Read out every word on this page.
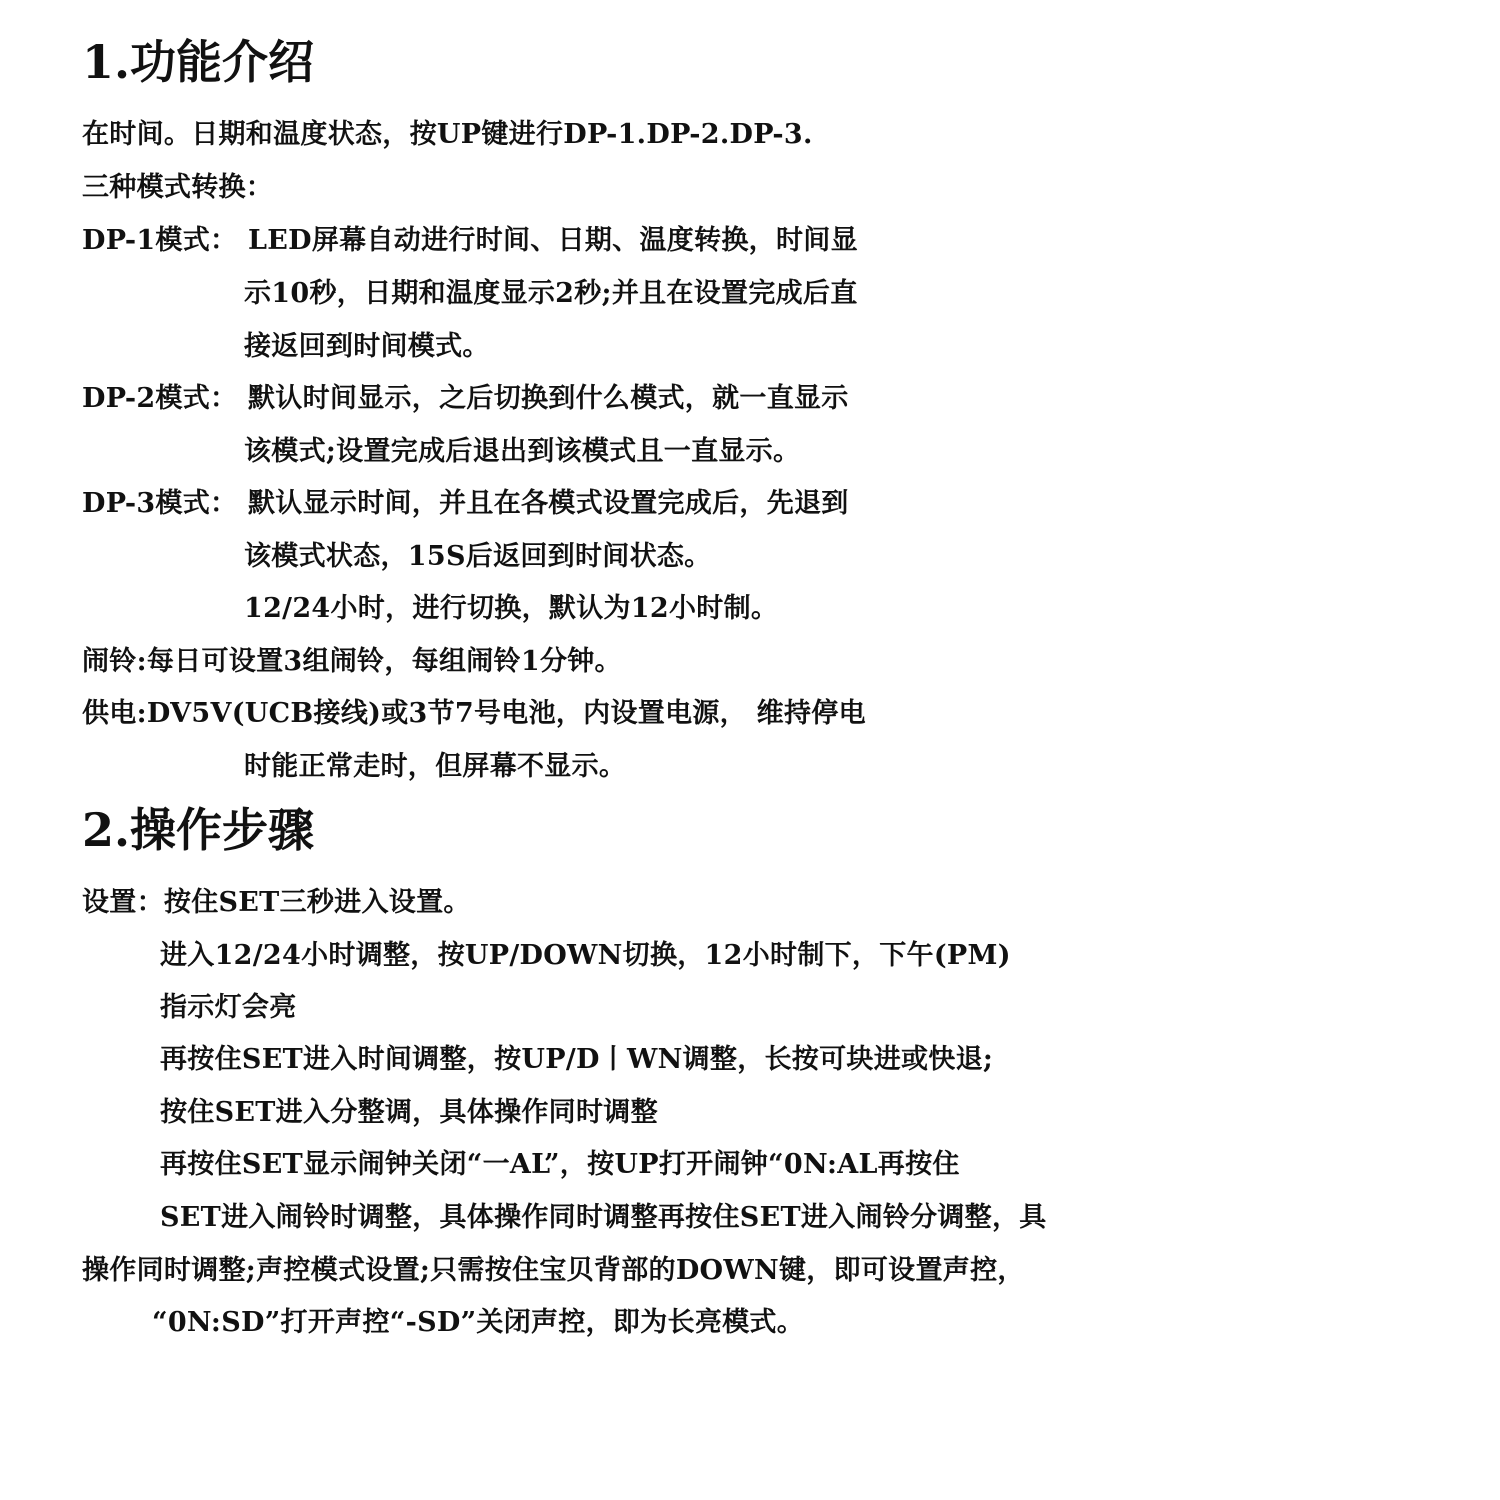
1.功能介绍
在时间。日期和温度状态，按UP键进行DP-1.DP-2.DP-3.
三种模式转换：
DP-1模式： LED屏幕自动进行时间、日期、温度转换，时间显
示10秒，日期和温度显示2秒;并且在设置完成后直
接返回到时间模式。
DP-2模式： 默认时间显示，之后切换到什么模式，就一直显示
该模式;设置完成后退出到该模式且一直显示。
DP-3模式： 默认显示时间，并且在各模式设置完成后，先退到
该模式状态，15S后返回到时间状态。
12/24小时，进行切换，默认为12小时制。
闹铃:每日可设置3组闹铃，每组闹铃1分钟。
供电:DV5V(UCB接线)或3节7号电池，内设置电源， 维持停电
时能正常走时，但屏幕不显示。
2.操作步骤
设置：按住SET三秒进入设置。
进入12/24小时调整，按UP/DOWN切换，12小时制下，下午(PM)
指示灯会亮
再按住SET进入时间调整，按UP/D丨WN调整，长按可块进或快退;
按住SET进入分整调，具体操作同时调整
再按住SET显示闹钟关闭“一AL”，按UP打开闹钟“0N:AL再按住
SET进入闹铃时调整，具体操作同时调整再按住SET进入闹铃分调整，具
操作同时调整;声控模式设置;只需按住宝贝背部的DOWN键，即可设置声控，
“0N:SD”打开声控“-SD”关闭声控，即为长亮模式。
